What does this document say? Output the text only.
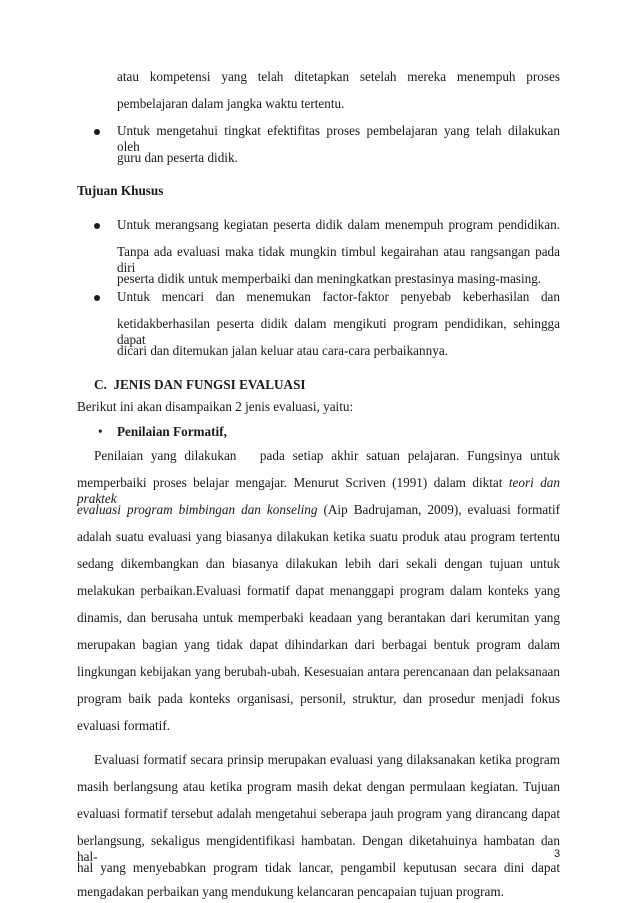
atau kompetensi yang telah ditetapkan setelah mereka menempuh proses
pembelajaran dalam jangka waktu tertentu.
Untuk mengetahui tingkat efektifitas proses pembelajaran yang telah dilakukan oleh
guru dan peserta didik.
Tujuan Khusus
Untuk merangsang kegiatan peserta didik dalam menempuh program pendidikan.
Tanpa ada evaluasi maka tidak mungkin timbul kegairahan atau rangsangan pada diri
peserta didik untuk memperbaiki dan meningkatkan prestasinya masing-masing.
Untuk mencari dan menemukan factor-faktor penyebab keberhasilan dan
ketidakberhasilan peserta didik dalam mengikuti program pendidikan, sehingga dapat
dicari dan ditemukan jalan keluar atau cara-cara perbaikannya.
C.  JENIS DAN FUNGSI EVALUASI
Berikut ini akan disampaikan 2 jenis evaluasi, yaitu:
• Penilaian Formatif,
Penilaian yang dilakukan   pada setiap akhir satuan pelajaran. Fungsinya untuk
memperbaiki proses belajar mengajar. Menurut Scriven (1991) dalam diktat teori dan praktek
evaluasi program bimbingan dan konseling (Aip Badrujaman, 2009), evaluasi formatif
adalah suatu evaluasi yang biasanya dilakukan ketika suatu produk atau program tertentu
sedang dikembangkan dan biasanya dilakukan lebih dari sekali dengan tujuan untuk
melakukan perbaikan.Evaluasi formatif dapat menanggapi program dalam konteks yang
dinamis, dan berusaha untuk memperbaki keadaan yang berantakan dari kerumitan yang
merupakan bagian yang tidak dapat dihindarkan dari berbagai bentuk program dalam
lingkungan kebijakan yang berubah-ubah. Kesesuaian antara perencanaan dan pelaksanaan
program baik pada konteks organisasi, personil, struktur, dan prosedur menjadi fokus
evaluasi formatif.
Evaluasi formatif secara prinsip merupakan evaluasi yang dilaksanakan ketika program
masih berlangsung atau ketika program masih dekat dengan permulaan kegiatan. Tujuan
evaluasi formatif tersebut adalah mengetahui seberapa jauh program yang dirancang dapat
berlangsung, sekaligus mengidentifikasi hambatan. Dengan diketahuinya hambatan dan hal-
hal yang menyebabkan program tidak lancar, pengambil keputusan secara dini dapat
mengadakan perbaikan yang mendukung kelancaran pencapaian tujuan program.
3
